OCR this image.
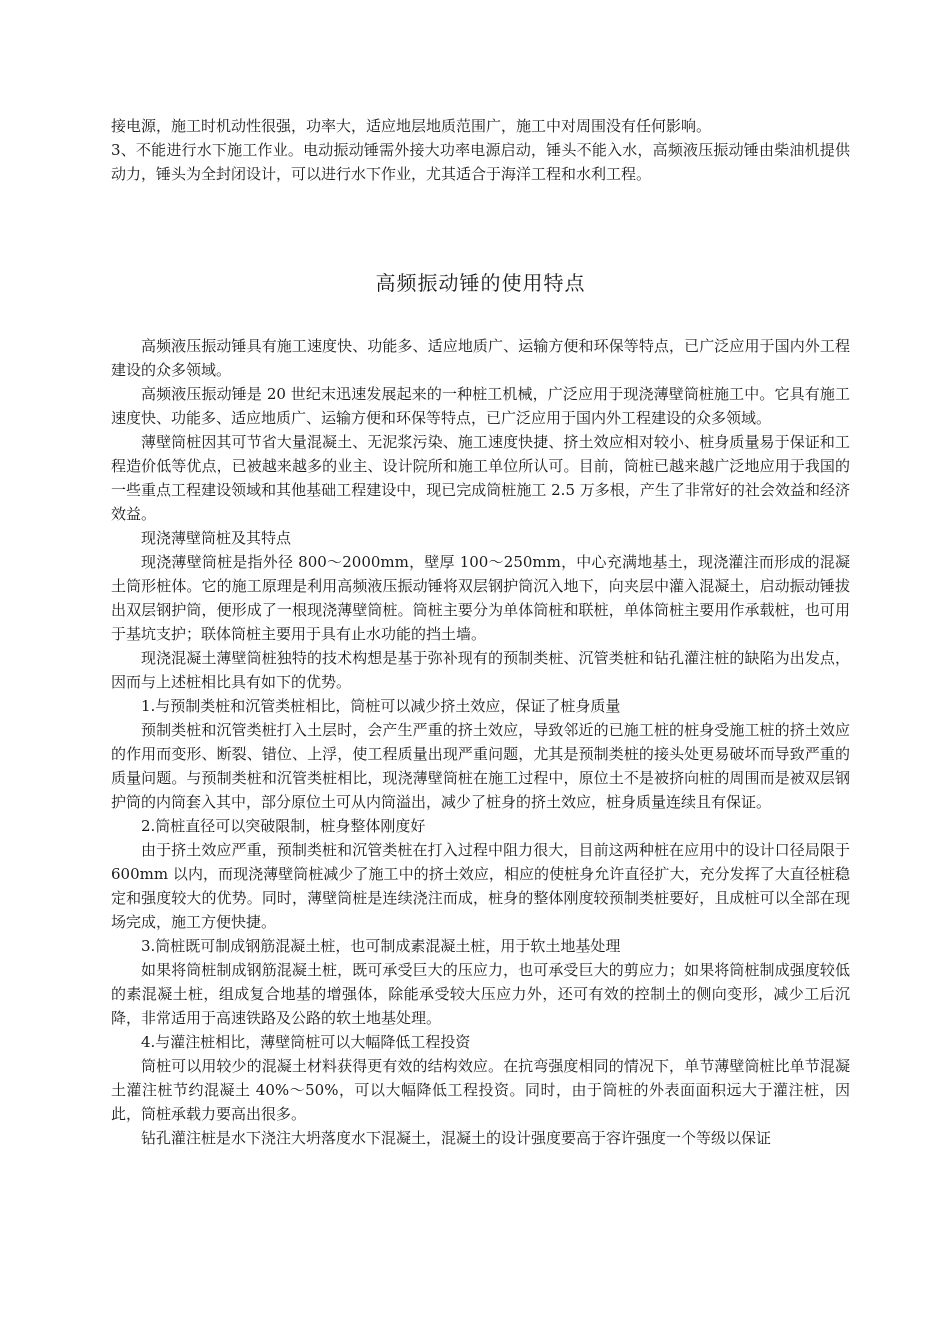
接电源，施工时机动性很强，功率大，适应地层地质范围广，施工中对周围没有任何影响。

3、不能进行水下施工作业。电动振动锤需外接大功率电源启动，锤头不能入水，高频液压振动锤由柴油机提供动力，锤头为全封闭设计，可以进行水下作业，尤其适合于海洋工程和水利工程。

高频振动锤的使用特点

高频液压振动锤具有施工速度快、功能多、适应地质广、运输方便和环保等特点，已广泛应用于国内外工程建设的众多领域。

高频液压振动锤是 20 世纪末迅速发展起来的一种桩工机械，广泛应用于现浇薄壁筒桩施工中。它具有施工速度快、功能多、适应地质广、运输方便和环保等特点，已广泛应用于国内外工程建设的众多领域。

薄壁筒桩因其可节省大量混凝土、无泥浆污染、施工速度快捷、挤土效应相对较小、桩身质量易于保证和工程造价低等优点，已被越来越多的业主、设计院所和施工单位所认可。目前，筒桩已越来越广泛地应用于我国的一些重点工程建设领域和其他基础工程建设中，现已完成筒桩施工 2.5 万多根，产生了非常好的社会效益和经济效益。

现浇薄壁筒桩及其特点

现浇薄壁筒桩是指外径 800～2000mm，壁厚 100～250mm，中心充满地基土，现浇灌注而形成的混凝土筒形桩体。它的施工原理是利用高频液压振动锤将双层钢护筒沉入地下，向夹层中灌入混凝土，启动振动锤拔出双层钢护筒，便形成了一根现浇薄壁筒桩。筒桩主要分为单体筒桩和联桩，单体筒桩主要用作承载桩，也可用于基坑支护；联体筒桩主要用于具有止水功能的挡土墙。

现浇混凝土薄壁筒桩独特的技术构想是基于弥补现有的预制类桩、沉管类桩和钻孔灌注桩的缺陷为出发点，因而与上述桩相比具有如下的优势。

1.与预制类桩和沉管类桩相比，筒桩可以减少挤土效应，保证了桩身质量

预制类桩和沉管类桩打入土层时，会产生严重的挤土效应，导致邻近的已施工桩的桩身受施工桩的挤土效应的作用而变形、断裂、错位、上浮，使工程质量出现严重问题，尤其是预制类桩的接头处更易破坏而导致严重的质量问题。与预制类桩和沉管类桩相比，现浇薄壁筒桩在施工过程中，原位土不是被挤向桩的周围而是被双层钢护筒的内筒套入其中，部分原位土可从内筒溢出，减少了桩身的挤土效应，桩身质量连续且有保证。

2.筒桩直径可以突破限制，桩身整体刚度好

由于挤土效应严重，预制类桩和沉管类桩在打入过程中阻力很大，目前这两种桩在应用中的设计口径局限于 600mm 以内，而现浇薄壁筒桩减少了施工中的挤土效应，相应的使桩身允许直径扩大，充分发挥了大直径桩稳定和强度较大的优势。同时，薄壁筒桩是连续浇注而成，桩身的整体刚度较预制类桩要好，且成桩可以全部在现场完成，施工方便快捷。

3.筒桩既可制成钢筋混凝土桩，也可制成素混凝土桩，用于软土地基处理

如果将筒桩制成钢筋混凝土桩，既可承受巨大的压应力，也可承受巨大的剪应力；如果将筒桩制成强度较低的素混凝土桩，组成复合地基的增强体，除能承受较大压应力外，还可有效的控制土的侧向变形，减少工后沉降，非常适用于高速铁路及公路的软土地基处理。

4.与灌注桩相比，薄壁筒桩可以大幅降低工程投资

筒桩可以用较少的混凝土材料获得更有效的结构效应。在抗弯强度相同的情况下，单节薄壁筒桩比单节混凝土灌注桩节约混凝土 40%～50%，可以大幅降低工程投资。同时，由于筒桩的外表面面积远大于灌注桩，因此，筒桩承载力要高出很多。

钻孔灌注桩是水下浇注大坍落度水下混凝土，混凝土的设计强度要高于容许强度一个等级以保证
